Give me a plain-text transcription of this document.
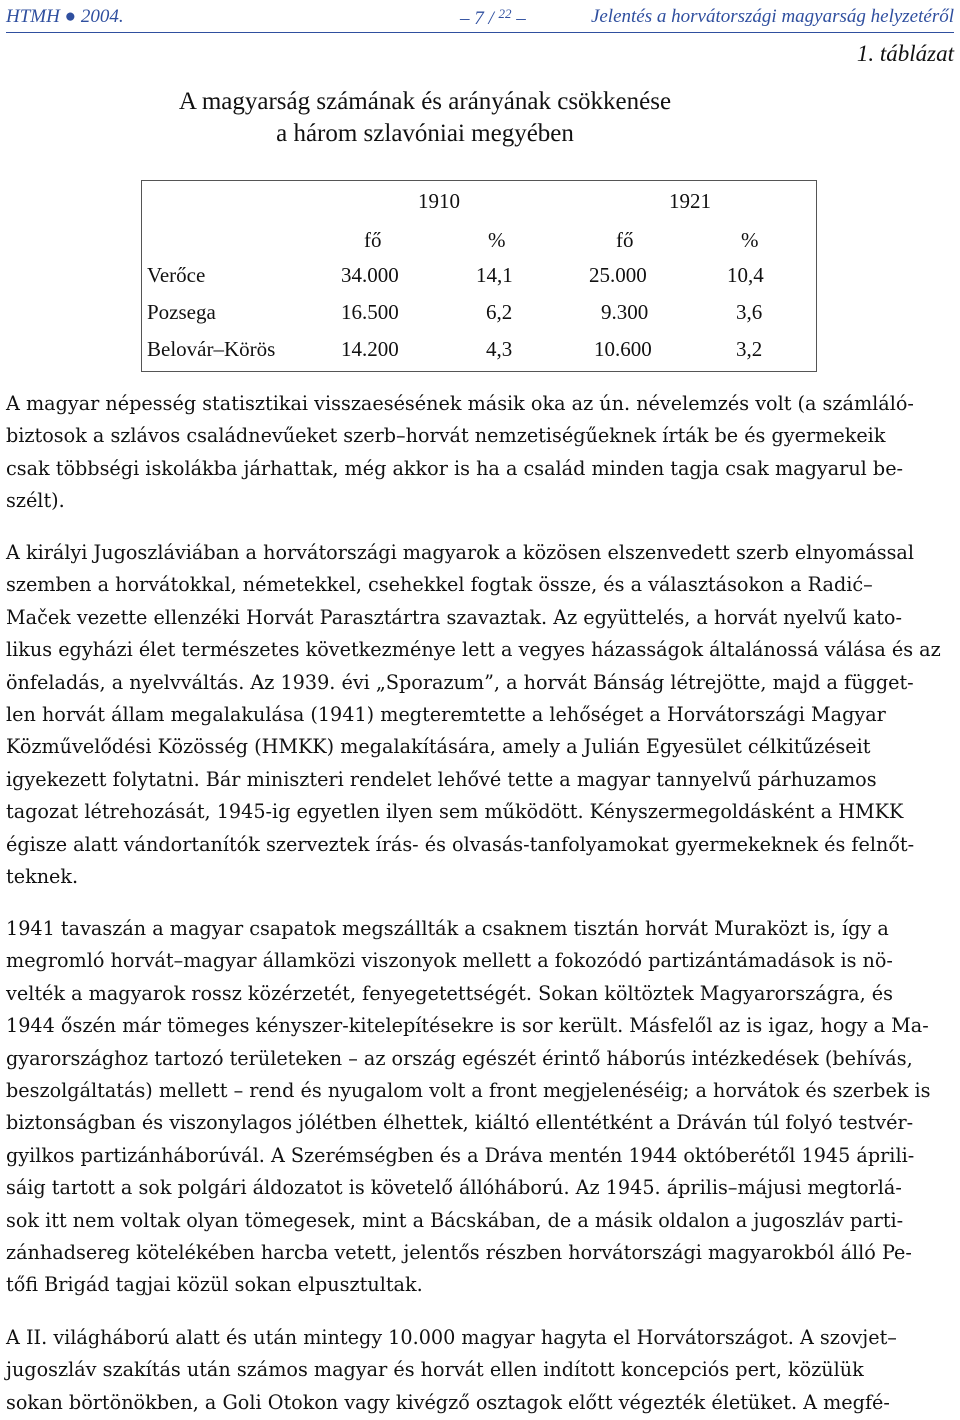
HTMH ● 2004.	– 7 / $^{22}$ –	Jelentés a horvátországi magyarság helyzetéről
1. táblázat
A magyarság számának és arányának csökkenése
a három szlavóniai megyében
1910	1921
fő	%	fő	%
Verőce	34.000	14,1	25.000	10,4
Pozsega	16.500	6,2	9.300	3,6
Belovár–Körös	14.200	4,3	10.600	3,2

A magyar népesség statisztikai visszaesésének másik oka az ún. névelemzés volt (a számláló-
biztosok a szlávos családnevűeket szerb–horvát nemzetiségűeknek írták be és gyermekeik
csak többségi iskolákba járhattak, még akkor is ha a család minden tagja csak magyarul be-
szélt).

A királyi Jugoszláviában a horvátországi magyarok a közösen elszenvedett szerb elnyomással
szemben a horvátokkal, németekkel, csehekkel fogtak össze, és a választásokon a Radić–
Maček vezette ellenzéki Horvát Parasztártra szavaztak. Az együttelés, a horvát nyelvű kato-
likus egyházi élet természetes következménye lett a vegyes házasságok általánossá válása és az
önfeladás, a nyelvváltás. Az 1939. évi „Sporazum”, a horvát Bánság létrejötte, majd a függet-
len horvát állam megalakulása (1941) megteremtette a lehőséget a Horvátországi Magyar
Közművelődési Közösség (HMKK) megalakítására, amely a Julián Egyesület célkitűzéseit
igyekezett folytatni. Bár miniszteri rendelet lehővé tette a magyar tannyelvű párhuzamos
tagozat létrehozását, 1945-ig egyetlen ilyen sem működött. Kényszermegoldásként a HMKK
égisze alatt vándortanítók szerveztek írás- és olvasás-tanfolyamokat gyermekeknek és felnőt-
teknek.

1941 tavaszán a magyar csapatok megszállták a csaknem tisztán horvát Muraközt is, így a
megromló horvát–magyar államközi viszonyok mellett a fokozódó partizántámadások is nö-
velték a magyarok rossz közérzetét, fenyegetettségét. Sokan költöztek Magyarországra, és
1944 őszén már tömeges kényszer-kitelepítésekre is sor került. Másfelől az is igaz, hogy a Ma-
gyarországhoz tartozó területeken – az ország egészét érintő háborús intézkedések (behívás,
beszolgáltatás) mellett – rend és nyugalom volt a front megjelenéséig; a horvátok és szerbek is
biztonságban és viszonylagos jólétben élhettek, kiáltó ellentétként a Dráván túl folyó testvér-
gyilkos partizánháborúvál. A Szerémségben és a Dráva mentén 1944 októberétől 1945 áprili-
sáig tartott a sok polgári áldozatot is követelő állóháború. Az 1945. április–májusi megtorlá-
sok itt nem voltak olyan tömegesek, mint a Bácskában, de a másik oldalon a jugoszláv parti-
zánhadsereg kötelékében harcba vetett, jelentős részben horvátországi magyarokból álló Pe-
tőfi Brigád tagjai közül sokan elpusztultak.

A II. világháború alatt és után mintegy 10.000 magyar hagyta el Horvátországot. A szovjet–
jugoszláv szakítás után számos magyar és horvát ellen indított koncepciós pert, közülük
sokan börtönökben, a Goli Otokon vagy kivégző osztagok előtt végezték életüket. A megfé-
